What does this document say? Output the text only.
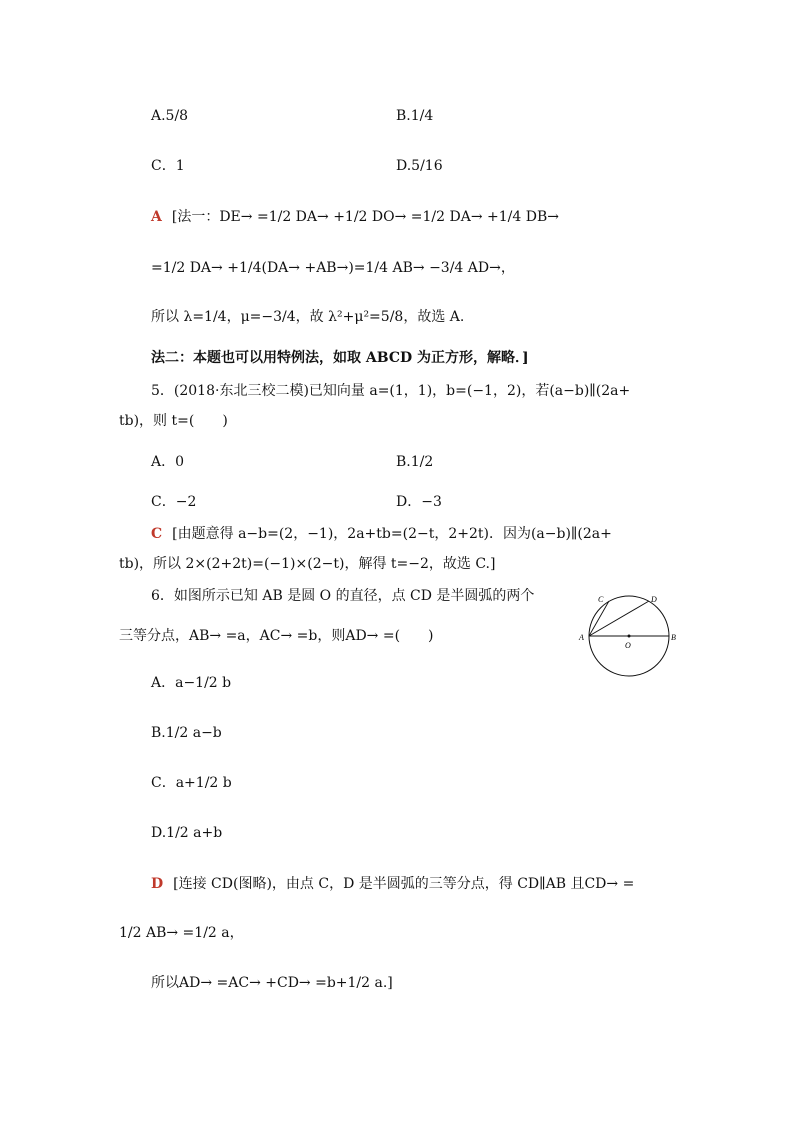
A.5/8	B.1/4
C．1	D.5/16
A [法一：DE→ =1/2 DA→ +1/2 DO→ =1/2 DA→ +1/4 DB→
=1/2 DA→ +1/4(DA→ +AB→)=1/4 AB→ −3/4 AD→，
所以 λ=1/4，μ=−3/4，故 λ²+μ²=5/8，故选 A.
法二：本题也可以用特例法，如取 ABCD 为正方形，解略．]
5．(2018·东北三校二模)已知向量 a=(1，1)，b=(−1，2)，若(a−b)∥(2a+
tb)，则 t=(　　)
A．0	B.1/2
C．−2	D．−3
C [由题意得 a−b=(2，−1)，2a+tb=(2−t，2+2t)．因为(a−b)∥(2a+
tb)，所以 2×(2+2t)=(−1)×(2−t)，解得 t=−2，故选 C.]
6．如图所示已知 AB 是圆 O 的直径，点 CD 是半圆弧的两个
三等分点，AB→ =a，AC→ =b，则AD→ =(　　)	A	B
C	D
O
A．a−1/2 b
B.1/2 a−b
C．a+1/2 b
D.1/2 a+b
D [连接 CD(图略)，由点 C，D 是半圆弧的三等分点，得 CD∥AB 且CD→ =
1/2 AB→ =1/2 a，
所以AD→ =AC→ +CD→ =b+1/2 a.]
